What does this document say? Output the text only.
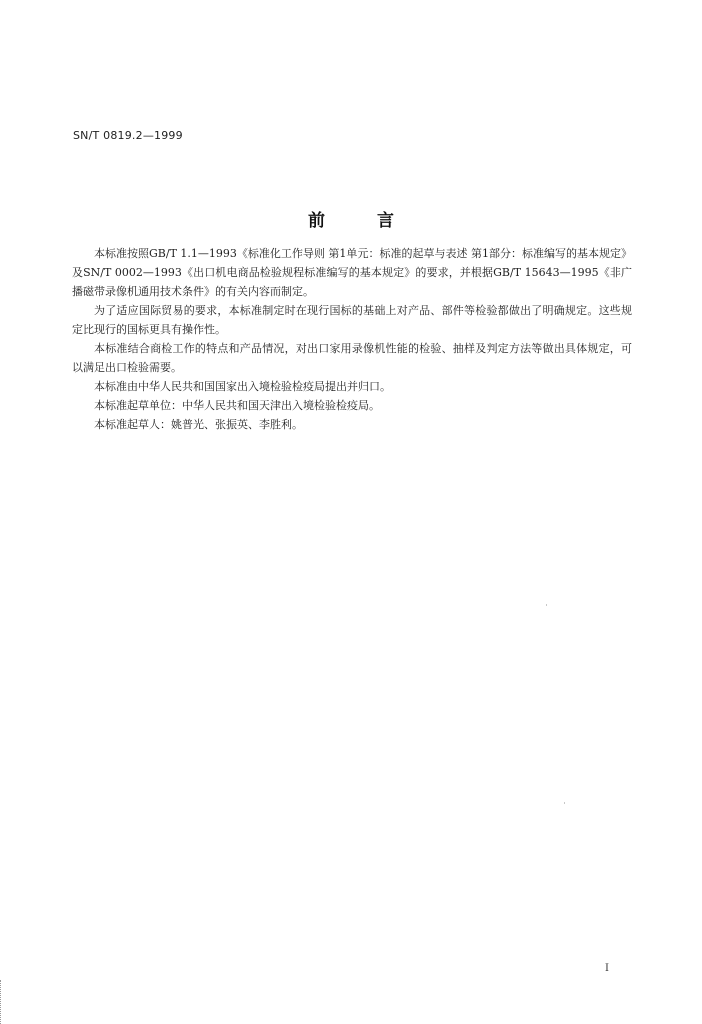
SN/T 0819.2—1999
前	言

本标准按照GB/T 1.1—1993《标准化工作导则 第1单元：标准的起草与表述 第1部分：标准编写的基本规定》及SN/T 0002—1993《出口机电商品检验规程标准编写的基本规定》的要求，并根据GB/T 15643—1995《非广播磁带录像机通用技术条件》的有关内容而制定。

为了适应国际贸易的要求，本标准制定时在现行国标的基础上对产品、部件等检验都做出了明确规定。这些规定比现行的国标更具有操作性。

本标准结合商检工作的特点和产品情况，对出口家用录像机性能的检验、抽样及判定方法等做出具体规定，可以满足出口检验需要。

本标准由中华人民共和国国家出入境检验检疫局提出并归口。

本标准起草单位：中华人民共和国天津出入境检验检疫局。

本标准起草人：姚普光、张振英、李胜利。

I
